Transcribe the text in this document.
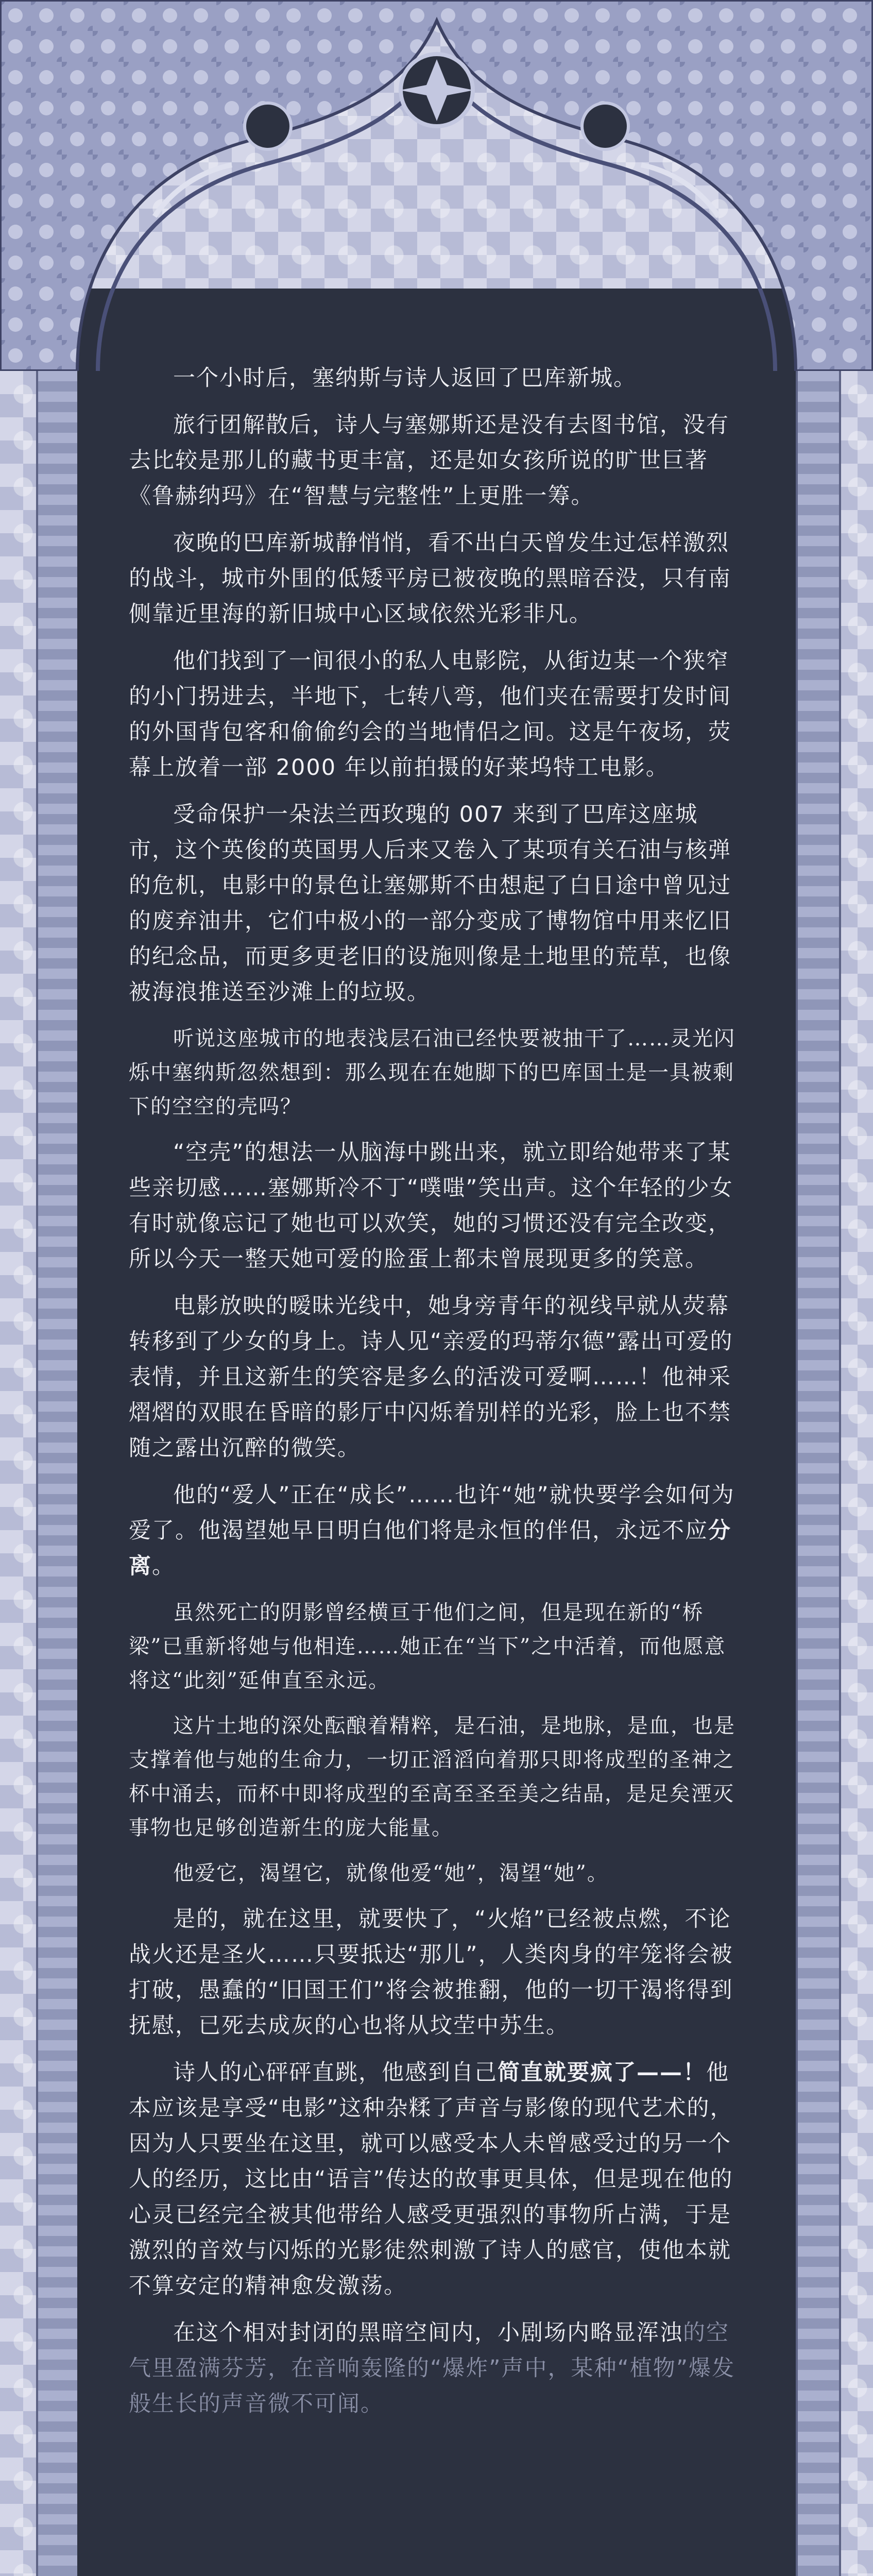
一个小时后，塞纳斯与诗人返回了巴库新城。

旅行团解散后，诗人与塞娜斯还是没有去图书馆，没有去比较是那儿的藏书更丰富，还是如女孩所说的旷世巨著《鲁赫纳玛》在“智慧与完整性”上更胜一筹。

夜晚的巴库新城静悄悄，看不出白天曾发生过怎样激烈的战斗，城市外围的低矮平房已被夜晚的黑暗吞没，只有南侧靠近里海的新旧城中心区域依然光彩非凡。

他们找到了一间很小的私人电影院，从街边某一个狭窄的小门拐进去，半地下，七转八弯，他们夹在需要打发时间的外国背包客和偷偷约会的当地情侣之间。这是午夜场，荧幕上放着一部 2000 年以前拍摄的好莱坞特工电影。

受命保护一朵法兰西玫瑰的 007 来到了巴库这座城市，这个英俊的英国男人后来又卷入了某项有关石油与核弹的危机，电影中的景色让塞娜斯不由想起了白日途中曾见过的废弃油井，它们中极小的一部分变成了博物馆中用来忆旧的纪念品，而更多更老旧的设施则像是土地里的荒草，也像被海浪推送至沙滩上的垃圾。

听说这座城市的地表浅层石油已经快要被抽干了……灵光闪烁中塞纳斯忽然想到：那么现在在她脚下的巴库国土是一具被剩下的空空的壳吗？

“空壳”的想法一从脑海中跳出来，就立即给她带来了某些亲切感……塞娜斯冷不丁“噗嗤”笑出声。这个年轻的少女有时就像忘记了她也可以欢笑，她的习惯还没有完全改变，所以今天一整天她可爱的脸蛋上都未曾展现更多的笑意。

电影放映的暧昧光线中，她身旁青年的视线早就从荧幕转移到了少女的身上。诗人见“亲爱的玛蒂尔德”露出可爱的表情，并且这新生的笑容是多么的活泼可爱啊……！他神采熠熠的双眼在昏暗的影厅中闪烁着别样的光彩，脸上也不禁随之露出沉醉的微笑。

他的“爱人”正在“成长”……也许“她”就快要学会如何为爱了。他渴望她早日明白他们将是永恒的伴侣，永远不应分离。

虽然死亡的阴影曾经横亘于他们之间，但是现在新的“桥梁”已重新将她与他相连……她正在“当下”之中活着，而他愿意将这“此刻”延伸直至永远。

这片土地的深处酝酿着精粹，是石油，是地脉，是血，也是支撑着他与她的生命力，一切正滔滔向着那只即将成型的圣神之杯中涌去，而杯中即将成型的至高至圣至美之结晶，是足矣湮灭事物也足够创造新生的庞大能量。

他爱它，渴望它，就像他爱“她”，渴望“她”。

是的，就在这里，就要快了，“火焰”已经被点燃，不论战火还是圣火……只要抵达“那儿”，人类肉身的牢笼将会被打破，愚蠢的“旧国王们”将会被推翻，他的一切干渴将得到抚慰，已死去成灰的心也将从坟茔中苏生。

诗人的心砰砰直跳，他感到自己简直就要疯了——！他本应该是享受“电影”这种杂糅了声音与影像的现代艺术的，因为人只要坐在这里，就可以感受本人未曾感受过的另一个人的经历，这比由“语言”传达的故事更具体，但是现在他的心灵已经完全被其他带给人感受更强烈的事物所占满，于是激烈的音效与闪烁的光影徒然刺激了诗人的感官，使他本就不算安定的精神愈发激荡。

在这个相对封闭的黑暗空间内，小剧场内略显浑浊的空气里盈满芬芳，在音响轰隆的“爆炸”声中，某种“植物”爆发般生长的声音微不可闻。
